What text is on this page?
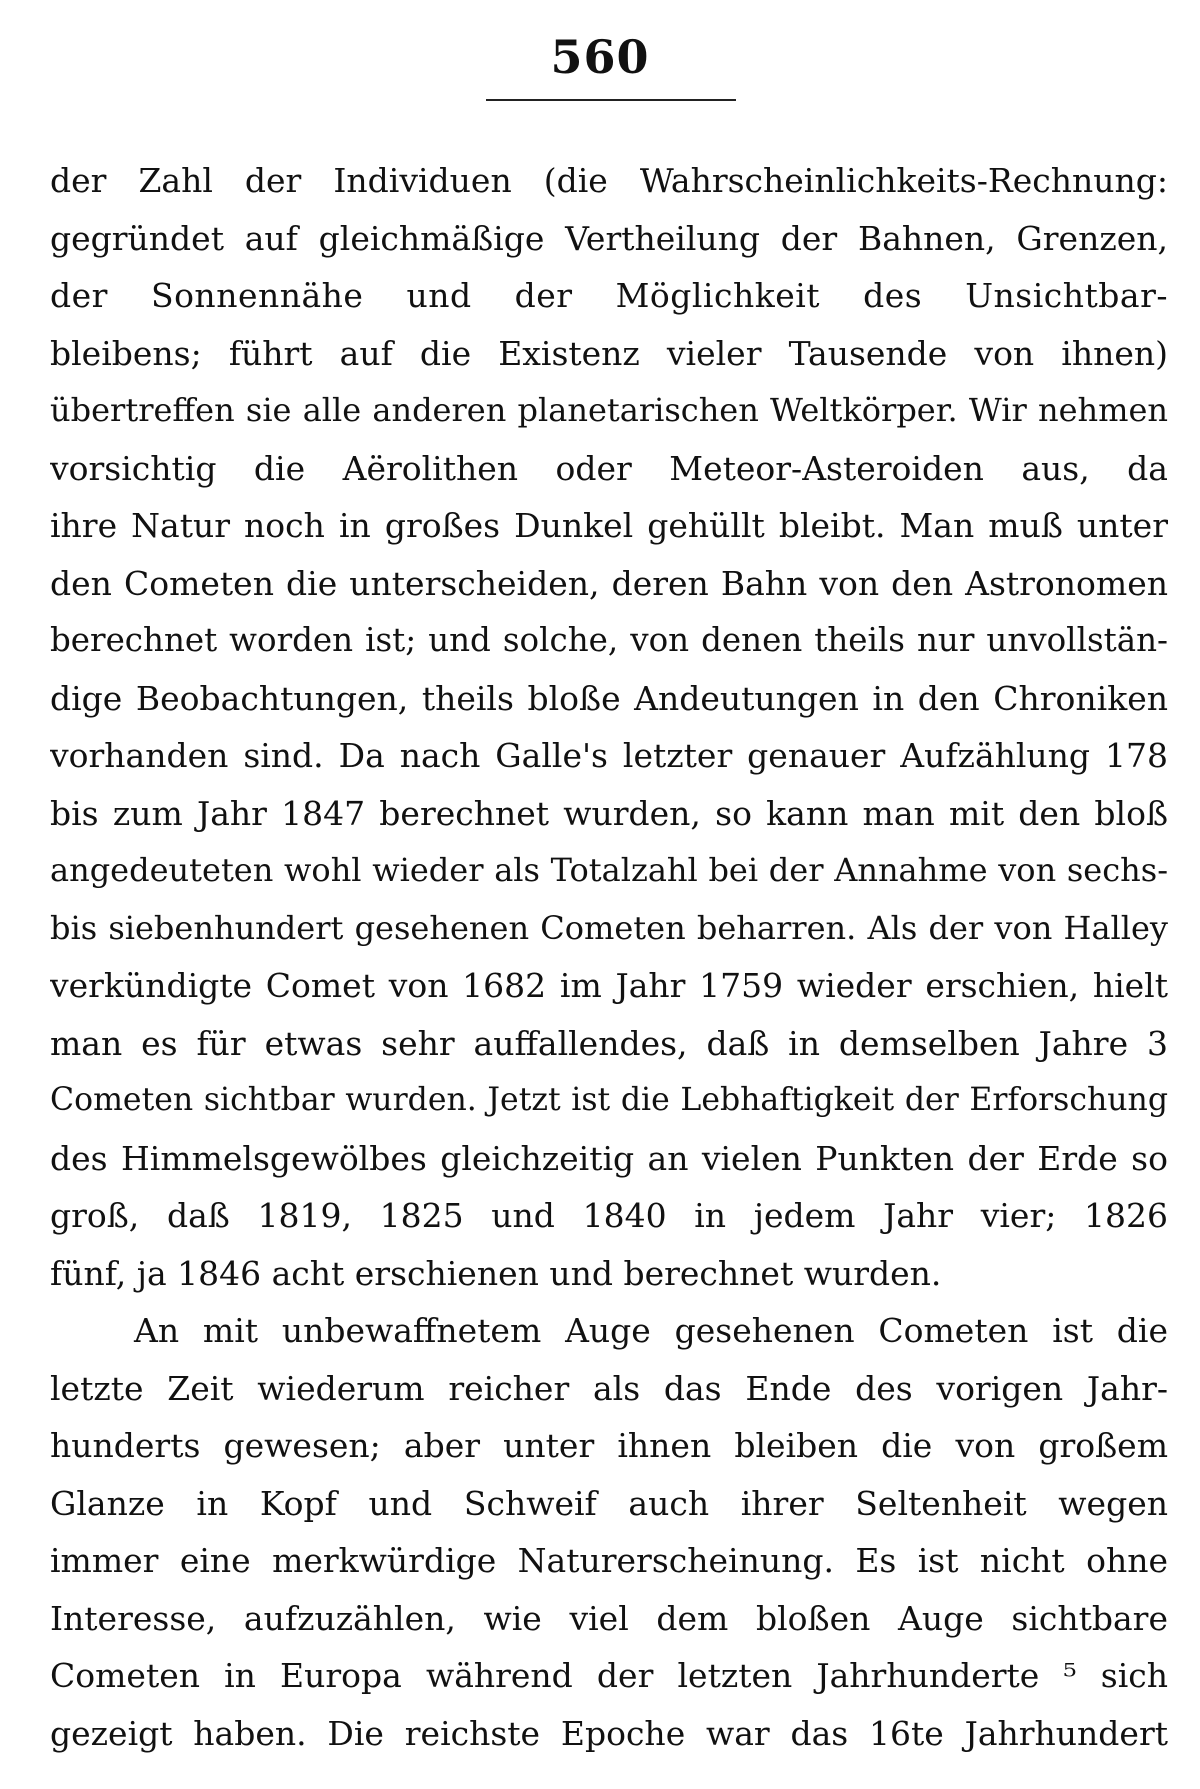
560
der Zahl der Individuen (die Wahrscheinlichkeits-Rechnung:
gegründet auf gleichmäßige Vertheilung der Bahnen, Grenzen,
der Sonnennähe und der Möglichkeit des Unsichtbar-
bleibens; führt auf die Existenz vieler Tausende von ihnen)
übertreffen sie alle anderen planetarischen Weltkörper. Wir nehmen
vorsichtig die Aërolithen oder Meteor-Asteroiden aus, da
ihre Natur noch in großes Dunkel gehüllt bleibt. Man muß unter
den Cometen die unterscheiden, deren Bahn von den Astronomen
berechnet worden ist; und solche, von denen theils nur unvollstän-
dige Beobachtungen, theils bloße Andeutungen in den Chroniken
vorhanden sind. Da nach Galle's letzter genauer Aufzählung 178
bis zum Jahr 1847 berechnet wurden, so kann man mit den bloß
angedeuteten wohl wieder als Totalzahl bei der Annahme von sechs-
bis siebenhundert gesehenen Cometen beharren. Als der von Halley
verkündigte Comet von 1682 im Jahr 1759 wieder erschien, hielt
man es für etwas sehr auffallendes, daß in demselben Jahre 3
Cometen sichtbar wurden. Jetzt ist die Lebhaftigkeit der Erforschung
des Himmelsgewölbes gleichzeitig an vielen Punkten der Erde so
groß, daß 1819, 1825 und 1840 in jedem Jahr vier; 1826
fünf, ja 1846 acht erschienen und berechnet wurden.
An mit unbewaffnetem Auge gesehenen Cometen ist die
letzte Zeit wiederum reicher als das Ende des vorigen Jahr-
hunderts gewesen; aber unter ihnen bleiben die von großem
Glanze in Kopf und Schweif auch ihrer Seltenheit wegen
immer eine merkwürdige Naturerscheinung. Es ist nicht ohne
Interesse, aufzuzählen, wie viel dem bloßen Auge sichtbare
Cometen in Europa während der letzten Jahrhunderte ⁵ sich
gezeigt haben. Die reichste Epoche war das 16te Jahrhundert
